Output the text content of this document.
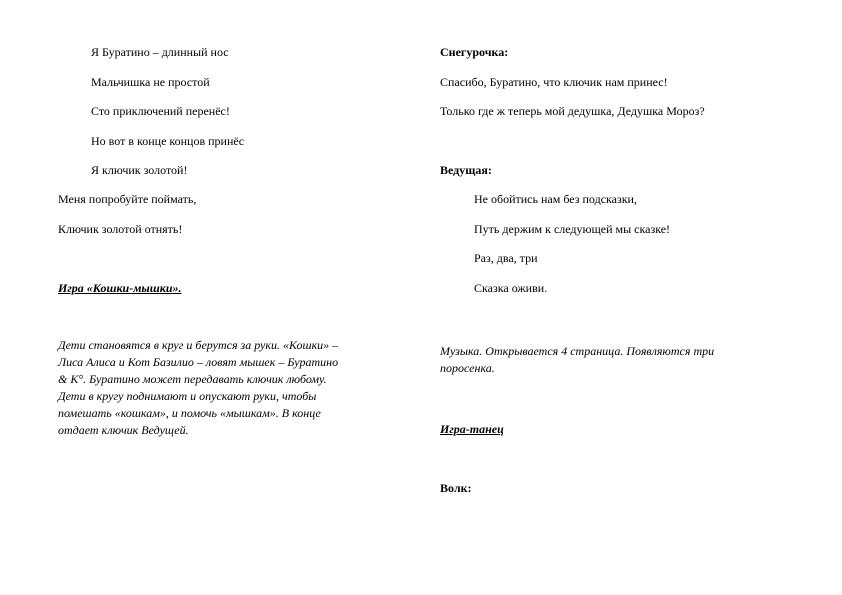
Я Буратино – длинный нос
Мальчишка не простой
Сто приключений перенёс!
Но вот в конце концов принёс
Я ключик золотой!
Меня попробуйте поймать,
Ключик золотой отнять!
Игра «Кошки-мышки».
Дети становятся в круг и берутся за руки. «Кошки» –
Лиса Алиса и Кот Базилио – ловят мышек – Буратино
& К°. Буратино может передавать ключик любому.
Дети в кругу поднимают и опускают руки, чтобы
помешать «кошкам», и помочь «мышкам». В конце
отдает ключик Ведущей.
Снегурочка:
Спасибо, Буратино, что ключик нам принес!
Только где ж теперь мой дедушка, Дедушка Мороз?
Ведущая:
Не обойтись нам без подсказки,
Путь держим к следующей мы сказке!
Раз, два, три
Сказка оживи.
Музыка. Открывается 4 страница. Появляются три
поросенка.
Игра-танец
Волк:
